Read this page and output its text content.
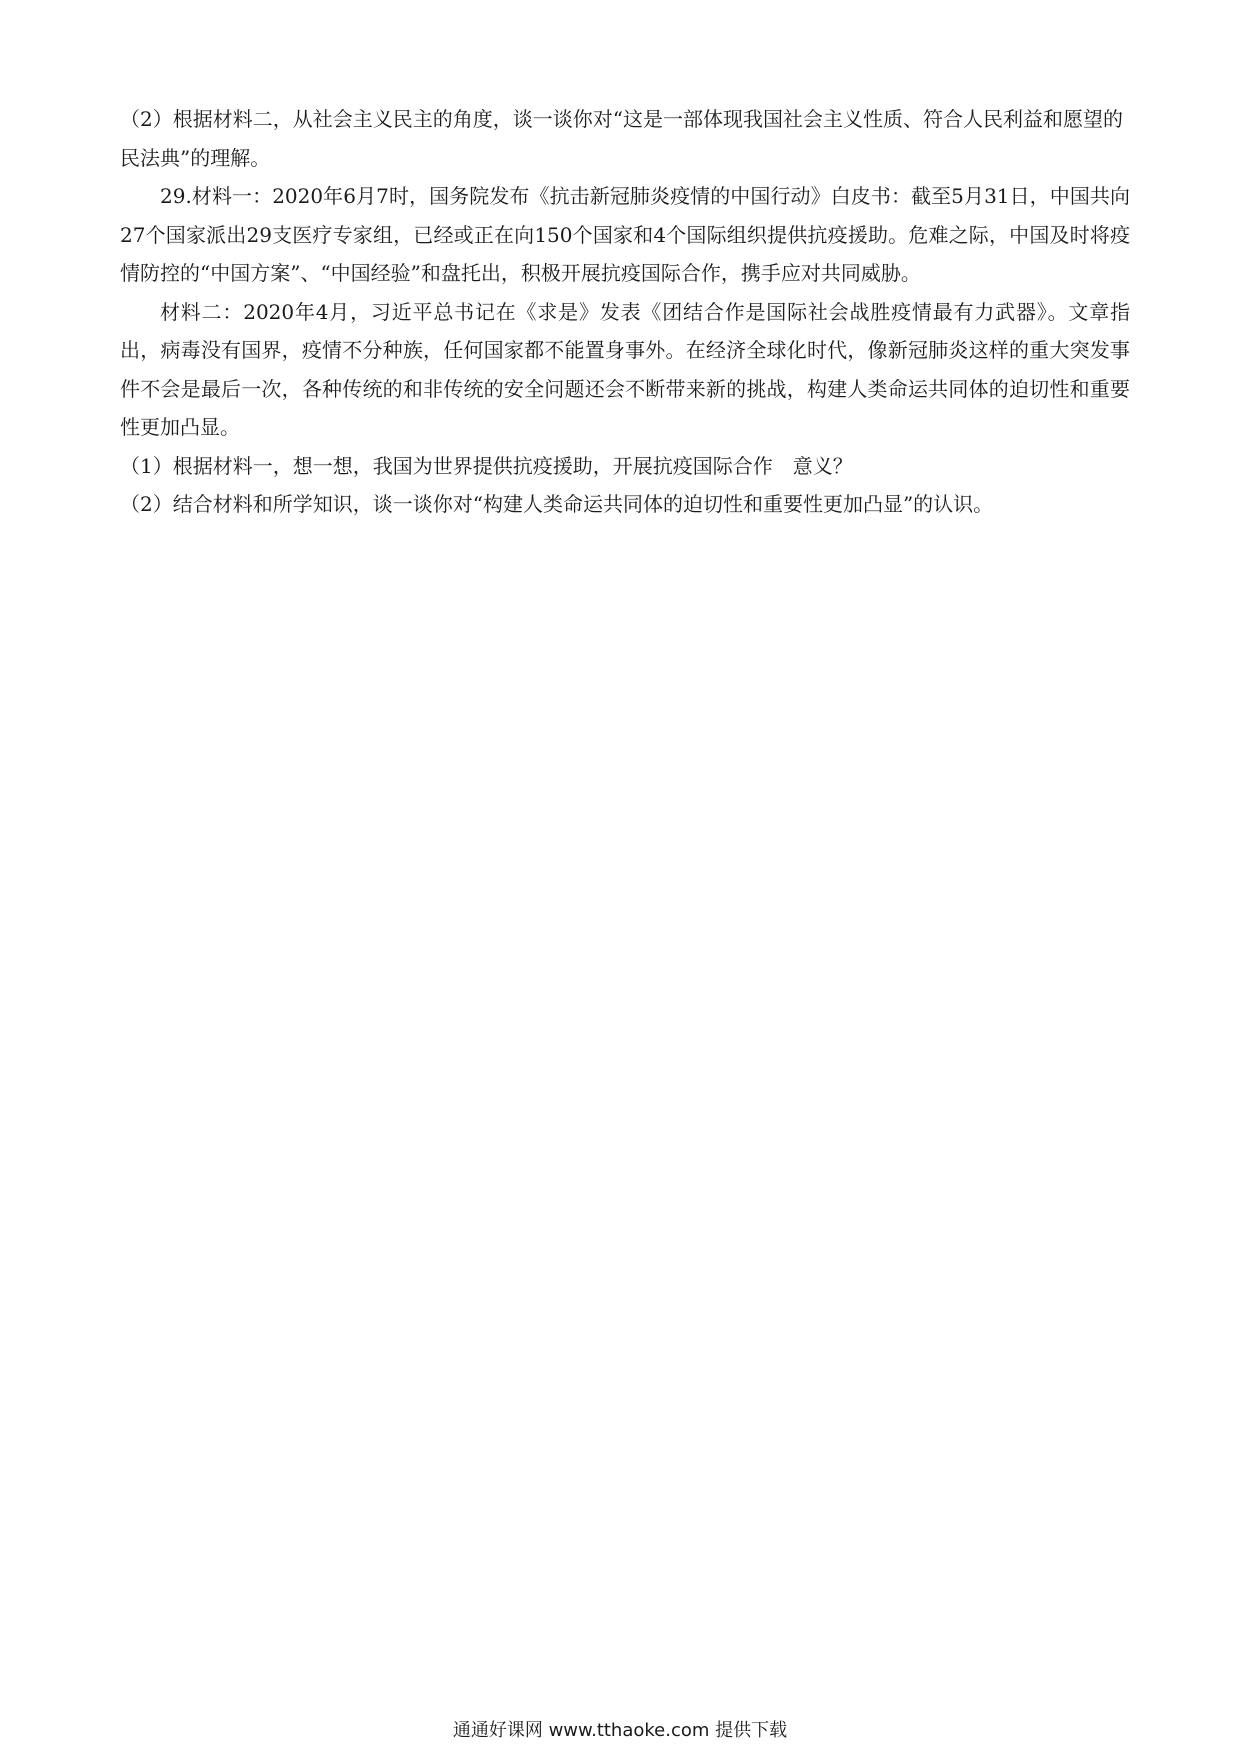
（2）根据材料二，从社会主义民主的角度，谈一谈你对“这是一部体现我国社会主义性质、符合人民利益和愿望的民法典”的理解。

29.材料一：2020年6月7时，国务院发布《抗击新冠肺炎疫情的中国行动》白皮书：截至5月31日，中国共向27个国家派出29支医疗专家组，已经或正在向150个国家和4个国际组织提供抗疫援助。危难之际，中国及时将疫情防控的“中国方案”、“中国经验”和盘托出，积极开展抗疫国际合作，携手应对共同威胁。

材料二：2020年4月，习近平总书记在《求是》发表《团结合作是国际社会战胜疫情最有力武器》。文章指出，病毒没有国界，疫情不分种族，任何国家都不能置身事外。在经济全球化时代，像新冠肺炎这样的重大突发事件不会是最后一次，各种传统的和非传统的安全问题还会不断带来新的挑战，构建人类命运共同体的迫切性和重要性更加凸显。

（1）根据材料一，想一想，我国为世界提供抗疫援助，开展抗疫国际合作　意义？

（2）结合材料和所学知识，谈一谈你对“构建人类命运共同体的迫切性和重要性更加凸显”的认识。

通通好课网 www.tthaoke.com 提供下载
